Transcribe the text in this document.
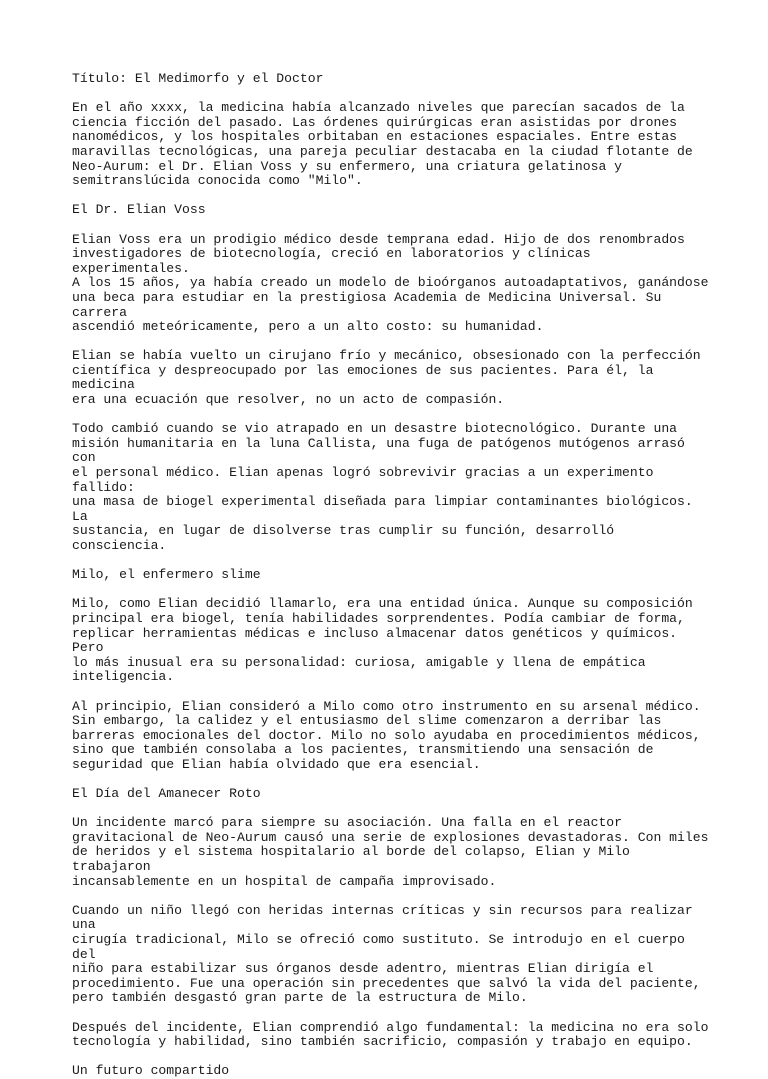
Título: El Medimorfo y el Doctor

En el año xxxx, la medicina había alcanzado niveles que parecían sacados de la
ciencia ficción del pasado. Las órdenes quirúrgicas eran asistidas por drones
nanomédicos, y los hospitales orbitaban en estaciones espaciales. Entre estas
maravillas tecnológicas, una pareja peculiar destacaba en la ciudad flotante de
Neo-Aurum: el Dr. Elian Voss y su enfermero, una criatura gelatinosa y
semitranslúcida conocida como "Milo".

El Dr. Elian Voss

Elian Voss era un prodigio médico desde temprana edad. Hijo de dos renombrados
investigadores de biotecnología, creció en laboratorios y clínicas experimentales.
A los 15 años, ya había creado un modelo de bioórganos autoadaptativos, ganándose
una beca para estudiar en la prestigiosa Academia de Medicina Universal. Su carrera
ascendió meteóricamente, pero a un alto costo: su humanidad.

Elian se había vuelto un cirujano frío y mecánico, obsesionado con la perfección
científica y despreocupado por las emociones de sus pacientes. Para él, la medicina
era una ecuación que resolver, no un acto de compasión.

Todo cambió cuando se vio atrapado en un desastre biotecnológico. Durante una
misión humanitaria en la luna Callista, una fuga de patógenos mutógenos arrasó con
el personal médico. Elian apenas logró sobrevivir gracias a un experimento fallido:
una masa de biogel experimental diseñada para limpiar contaminantes biológicos. La
sustancia, en lugar de disolverse tras cumplir su función, desarrolló consciencia.

Milo, el enfermero slime

Milo, como Elian decidió llamarlo, era una entidad única. Aunque su composición
principal era biogel, tenía habilidades sorprendentes. Podía cambiar de forma,
replicar herramientas médicas e incluso almacenar datos genéticos y químicos. Pero
lo más inusual era su personalidad: curiosa, amigable y llena de empática
inteligencia.

Al principio, Elian consideró a Milo como otro instrumento en su arsenal médico.
Sin embargo, la calidez y el entusiasmo del slime comenzaron a derribar las
barreras emocionales del doctor. Milo no solo ayudaba en procedimientos médicos,
sino que también consolaba a los pacientes, transmitiendo una sensación de
seguridad que Elian había olvidado que era esencial.

El Día del Amanecer Roto

Un incidente marcó para siempre su asociación. Una falla en el reactor
gravitacional de Neo-Aurum causó una serie de explosiones devastadoras. Con miles
de heridos y el sistema hospitalario al borde del colapso, Elian y Milo trabajaron
incansablemente en un hospital de campaña improvisado.

Cuando un niño llegó con heridas internas críticas y sin recursos para realizar una
cirugía tradicional, Milo se ofreció como sustituto. Se introdujo en el cuerpo del
niño para estabilizar sus órganos desde adentro, mientras Elian dirigía el
procedimiento. Fue una operación sin precedentes que salvó la vida del paciente,
pero también desgastó gran parte de la estructura de Milo.

Después del incidente, Elian comprendió algo fundamental: la medicina no era solo
tecnología y habilidad, sino también sacrificio, compasión y trabajo en equipo.

Un futuro compartido
